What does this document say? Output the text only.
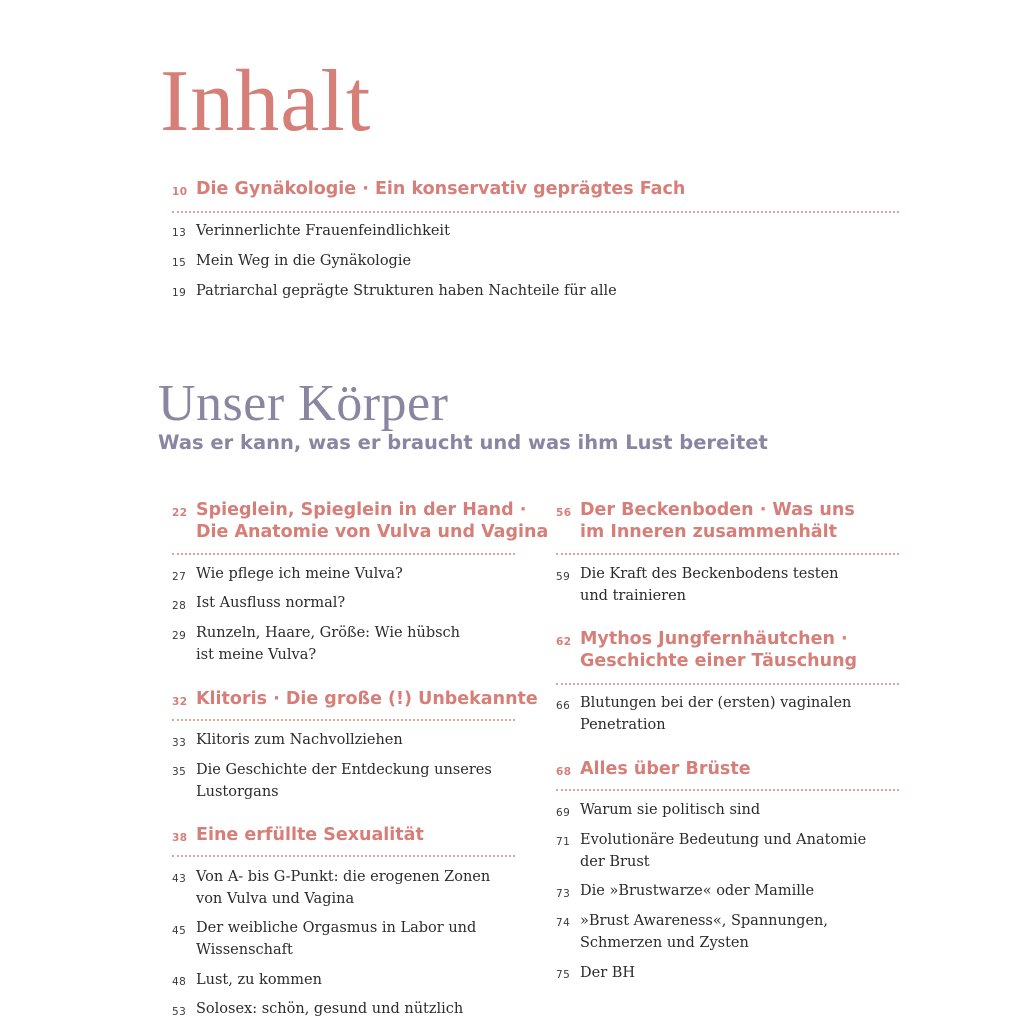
Inhalt
10 Die Gynäkologie · Ein konservativ geprägtes Fach
13 Verinnerlichte Frauenfeindlichkeit
15 Mein Weg in die Gynäkologie
19 Patriarchal geprägte Strukturen haben Nachteile für alle
Unser Körper
Was er kann, was er braucht und was ihm Lust bereitet
22 Spieglein, Spieglein in der Hand ·
Die Anatomie von Vulva und Vagina
27 Wie pflege ich meine Vulva?
28 Ist Ausfluss normal?
29 Runzeln, Haare, Größe: Wie hübsch
ist meine Vulva?
32 Klitoris · Die große (!) Unbekannte
33 Klitoris zum Nachvollziehen
35 Die Geschichte der Entdeckung unseres
Lustorgans
38 Eine erfüllte Sexualität
43 Von A- bis G-Punkt: die erogenen Zonen
von Vulva und Vagina
45 Der weibliche Orgasmus in Labor und
Wissenschaft
48 Lust, zu kommen
53 Solosex: schön, gesund und nützlich
56 Der Beckenboden · Was uns
im Inneren zusammenhält
59 Die Kraft des Beckenbodens testen
und trainieren
62 Mythos Jungfernhäutchen ·
Geschichte einer Täuschung
66 Blutungen bei der (ersten) vaginalen
Penetration
68 Alles über Brüste
69 Warum sie politisch sind
71 Evolutionäre Bedeutung und Anatomie
der Brust
73 Die »Brustwarze« oder Mamille
74 »Brust Awareness«, Spannungen,
Schmerzen und Zysten
75 Der BH
